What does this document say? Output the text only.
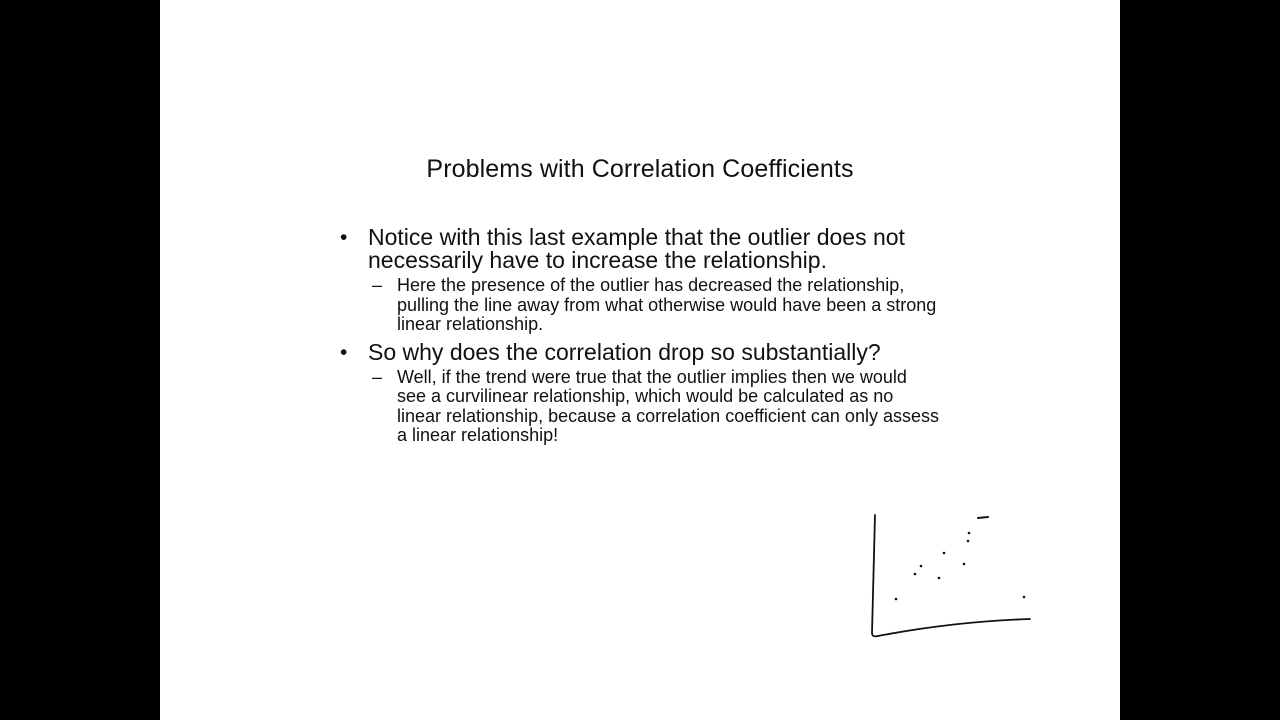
Problems with Correlation Coefficients
• Notice with this last example that the outlier does not necessarily have to increase the relationship.
– Here the presence of the outlier has decreased the relationship, pulling the line away from what otherwise would have been a strong linear relationship.
• So why does the correlation drop so substantially?
– Well, if the trend were true that the outlier implies then we would see a curvilinear relationship, which would be calculated as no linear relationship, because a correlation coefficient can only assess a linear relationship!
